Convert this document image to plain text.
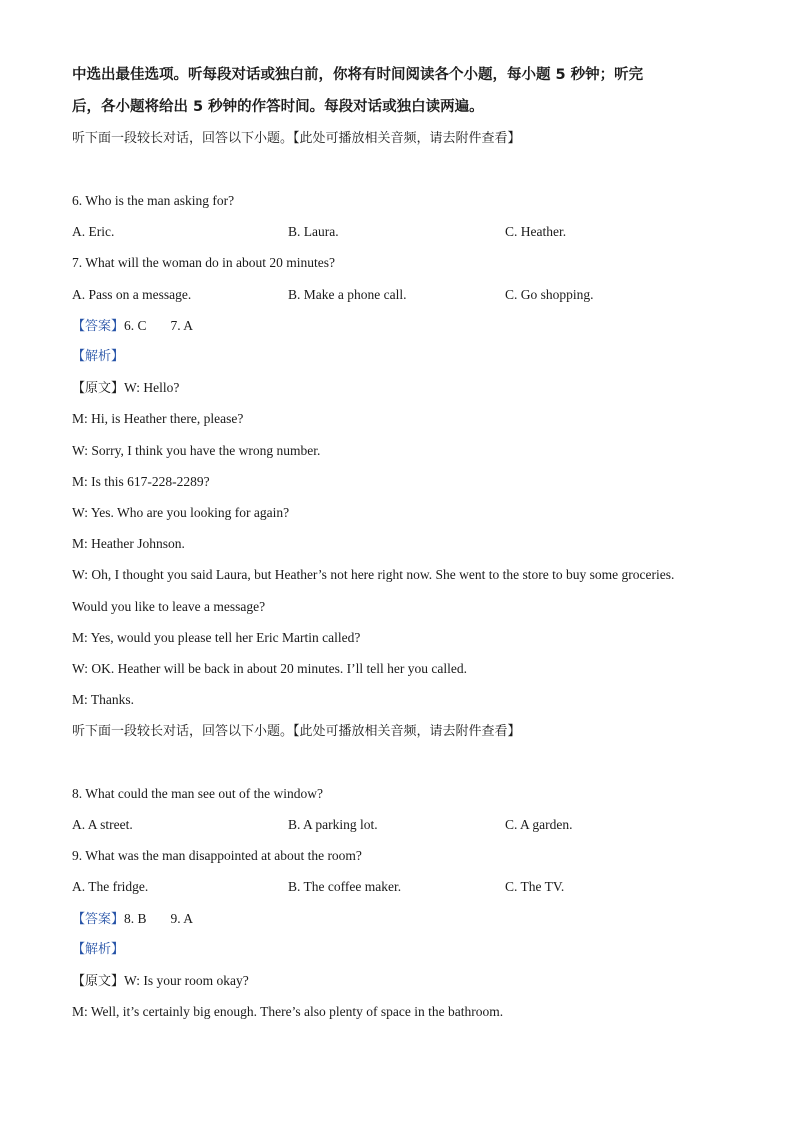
中选出最佳选项。听每段对话或独白前，你将有时间阅读各个小题，每小题 5 秒钟；听完
后，各小题将给出 5 秒钟的作答时间。每段对话或独白读两遍。
听下面一段较长对话，回答以下小题。【此处可播放相关音频，请去附件查看】
6. Who is the man asking for?
A. Eric.	B. Laura.	C. Heather.
7. What will the woman do in about 20 minutes?
A. Pass on a message.	B. Make a phone call.	C. Go shopping.
【答案】6. C 7. A
【解析】
【原文】W: Hello?
M: Hi, is Heather there, please?
W: Sorry, I think you have the wrong number.
M: Is this 617-228-2289?
W: Yes. Who are you looking for again?
M: Heather Johnson.
W: Oh, I thought you said Laura, but Heather’s not here right now. She went to the store to buy some groceries.
Would you like to leave a message?
M: Yes, would you please tell her Eric Martin called?
W: OK. Heather will be back in about 20 minutes. I’ll tell her you called.
M: Thanks.
听下面一段较长对话，回答以下小题。【此处可播放相关音频，请去附件查看】
8. What could the man see out of the window?
A. A street.	B. A parking lot.	C. A garden.
9. What was the man disappointed at about the room?
A. The fridge.	B. The coffee maker.	C. The TV.
【答案】8. B 9. A
【解析】
【原文】W: Is your room okay?
M: Well, it’s certainly big enough. There’s also plenty of space in the bathroom.
